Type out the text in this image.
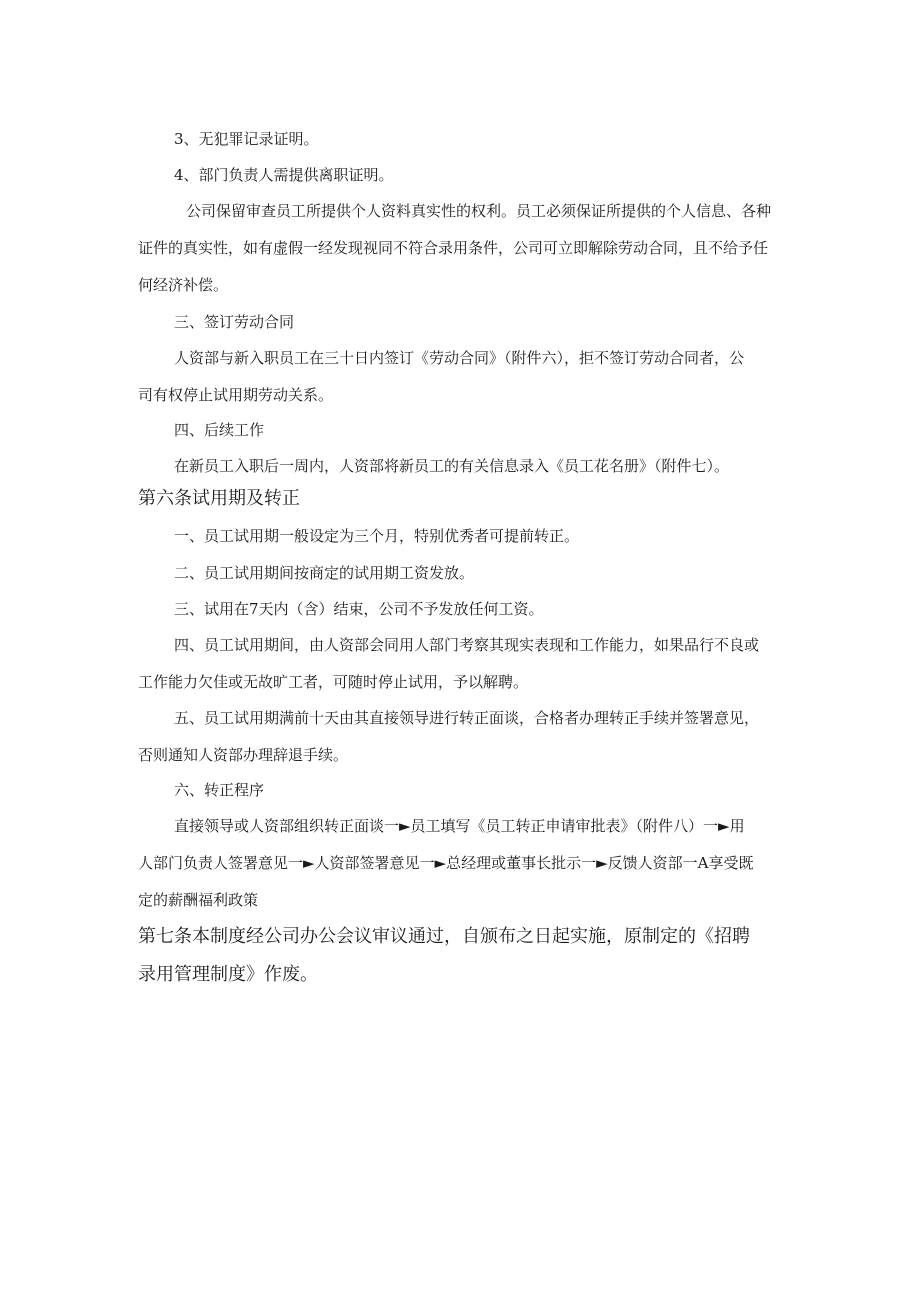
3、无犯罪记录证明。
4、部门负责人需提供离职证明。
公司保留审查员工所提供个人资料真实性的权利。员工必须保证所提供的个人信息、各种
证件的真实性，如有虚假一经发现视同不符合录用条件，公司可立即解除劳动合同，且不给予任
何经济补偿。
三、签订劳动合同
人资部与新入职员工在三十日内签订《劳动合同》（附件六），拒不签订劳动合同者，公
司有权停止试用期劳动关系。
四、后续工作
在新员工入职后一周内，人资部将新员工的有关信息录入《员工花名册》（附件七）。
第六条试用期及转正
一、员工试用期一般设定为三个月，特别优秀者可提前转正。
二、员工试用期间按商定的试用期工资发放。
三、试用在7天内（含）结束，公司不予发放任何工资。
四、员工试用期间，由人资部会同用人部门考察其现实表现和工作能力，如果品行不良或
工作能力欠佳或无故旷工者，可随时停止试用，予以解聘。
五、员工试用期满前十天由其直接领导进行转正面谈，合格者办理转正手续并签署意见，
否则通知人资部办理辞退手续。
六、转正程序
直接领导或人资部组织转正面谈一►员工填写《员工转正申请审批表》（附件八）一►用
人部门负责人签署意见一►人资部签署意见一►总经理或董事长批示一►反馈人资部一A享受既
定的薪酬福利政策
第七条本制度经公司办公会议审议通过，自颁布之日起实施，原制定的《招聘
录用管理制度》作废。
